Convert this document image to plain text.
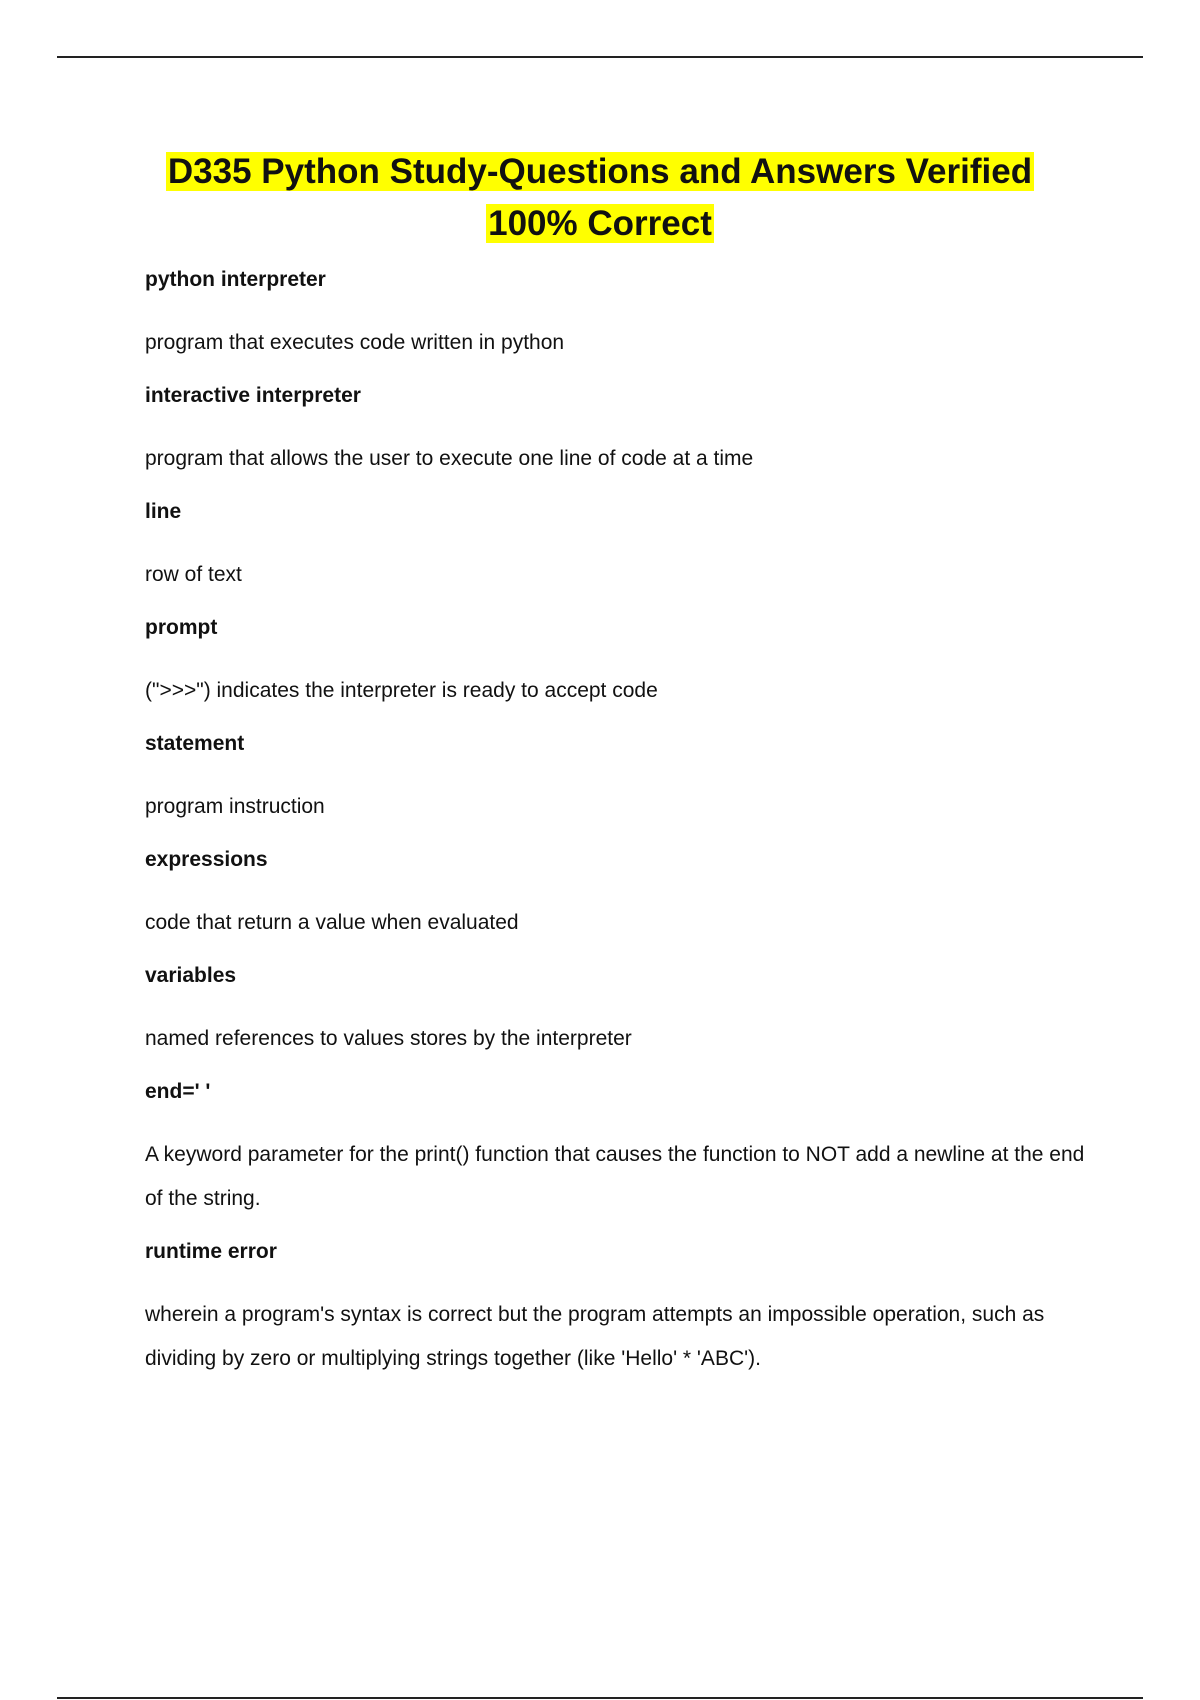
D335 Python Study-Questions and Answers Verified
100% Correct

python interpreter

program that executes code written in python

interactive interpreter

program that allows the user to execute one line of code at a time

line

row of text

prompt

(">>>") indicates the interpreter is ready to accept code

statement

program instruction

expressions

code that return a value when evaluated

variables

named references to values stores by the interpreter

end=' '

A keyword parameter for the print() function that causes the function to NOT add a newline at the end of the string.

runtime error

wherein a program's syntax is correct but the program attempts an impossible operation, such as dividing by zero or multiplying strings together (like 'Hello' * 'ABC').
